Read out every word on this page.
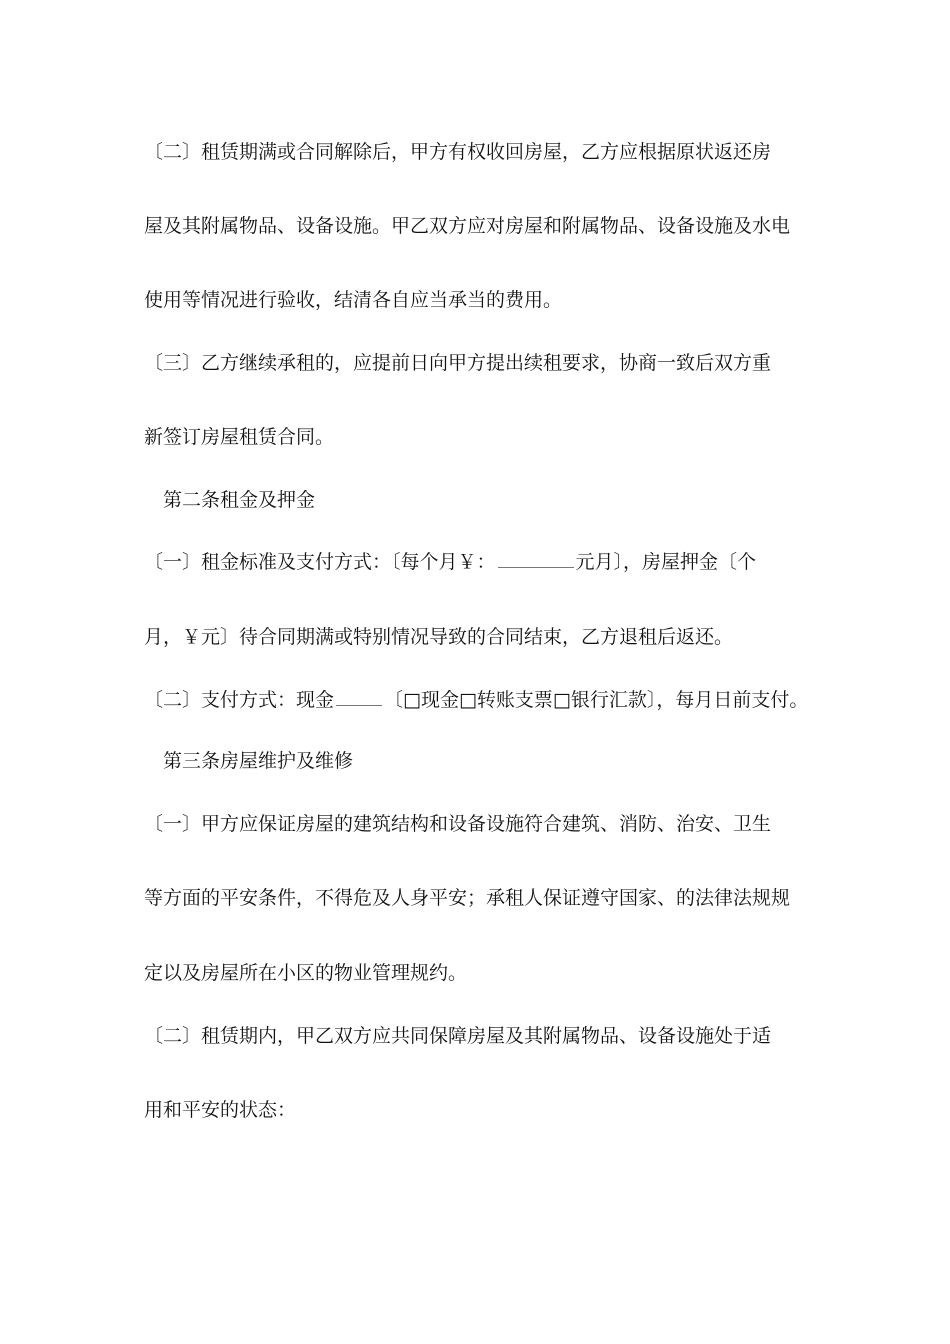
〔二〕租赁期满或合同解除后，甲方有权收回房屋，乙方应根据原状返还房
屋及其附属物品、设备设施。甲乙双方应对房屋和附属物品、设备设施及水电
使用等情况进行验收，结清各自应当承当的费用。
〔三〕乙方继续承租的，应提前日向甲方提出续租要求，协商一致后双方重
新签订房屋租赁合同。
第二条租金及押金
〔一〕租金标准及支付方式：〔每个月￥：	元月〕，房屋押金〔个
月，￥元〕待合同期满或特别情况导致的合同结束，乙方退租后返还。
〔二〕支付方式：现金	〔□现金□转账支票□银行汇款〕，每月日前支付。
第三条房屋维护及维修
〔一〕甲方应保证房屋的建筑结构和设备设施符合建筑、消防、治安、卫生
等方面的平安条件，不得危及人身平安；承租人保证遵守国家、的法律法规规
定以及房屋所在小区的物业管理规约。
〔二〕租赁期内，甲乙双方应共同保障房屋及其附属物品、设备设施处于适
用和平安的状态：
